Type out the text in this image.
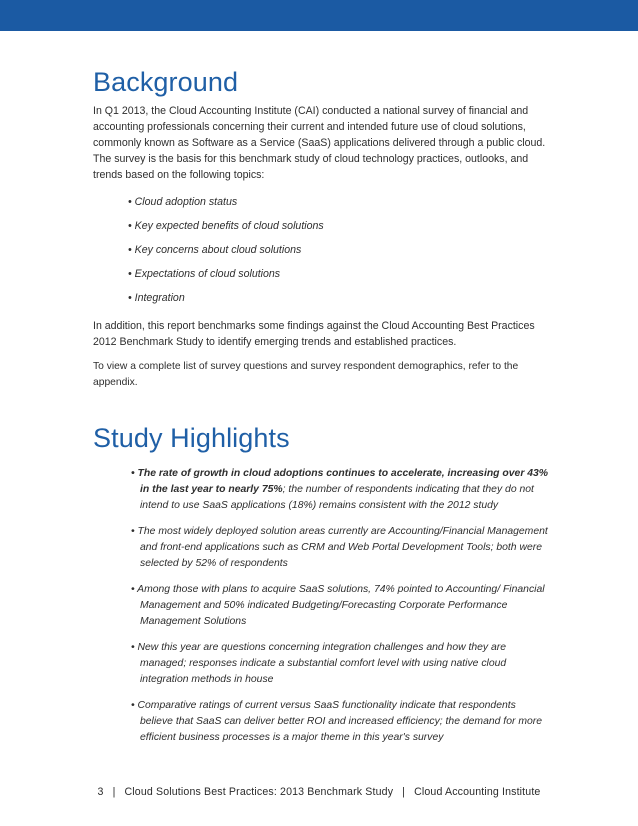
Background

In Q1 2013, the Cloud Accounting Institute (CAI) conducted a national survey of financial and accounting professionals concerning their current and intended future use of cloud solutions, commonly known as Software as a Service (SaaS) applications delivered through a public cloud. The survey is the basis for this benchmark study of cloud technology practices, outlooks, and trends based on the following topics:

• Cloud adoption status
• Key expected benefits of cloud solutions
• Key concerns about cloud solutions
• Expectations of cloud solutions
• Integration

In addition, this report benchmarks some findings against the Cloud Accounting Best Practices 2012 Benchmark Study to identify emerging trends and established practices.

To view a complete list of survey questions and survey respondent demographics, refer to the appendix.

Study Highlights
• The rate of growth in cloud adoptions continues to accelerate, increasing over 43% in the last year to nearly 75%; the number of respondents indicating that they do not intend to use SaaS applications (18%) remains consistent with the 2012 study
• The most widely deployed solution areas currently are Accounting/Financial Management and front-end applications such as CRM and Web Portal Development Tools; both were selected by 52% of respondents
• Among those with plans to acquire SaaS solutions, 74% pointed to Accounting/ Financial Management and 50% indicated Budgeting/Forecasting Corporate Performance Management Solutions
• New this year are questions concerning integration challenges and how they are managed; responses indicate a substantial comfort level with using native cloud integration methods in house
• Comparative ratings of current versus SaaS functionality indicate that respondents believe that SaaS can deliver better ROI and increased efficiency; the demand for more efficient business processes is a major theme in this year's survey
3 | Cloud Solutions Best Practices: 2013 Benchmark Study | Cloud Accounting Institute
